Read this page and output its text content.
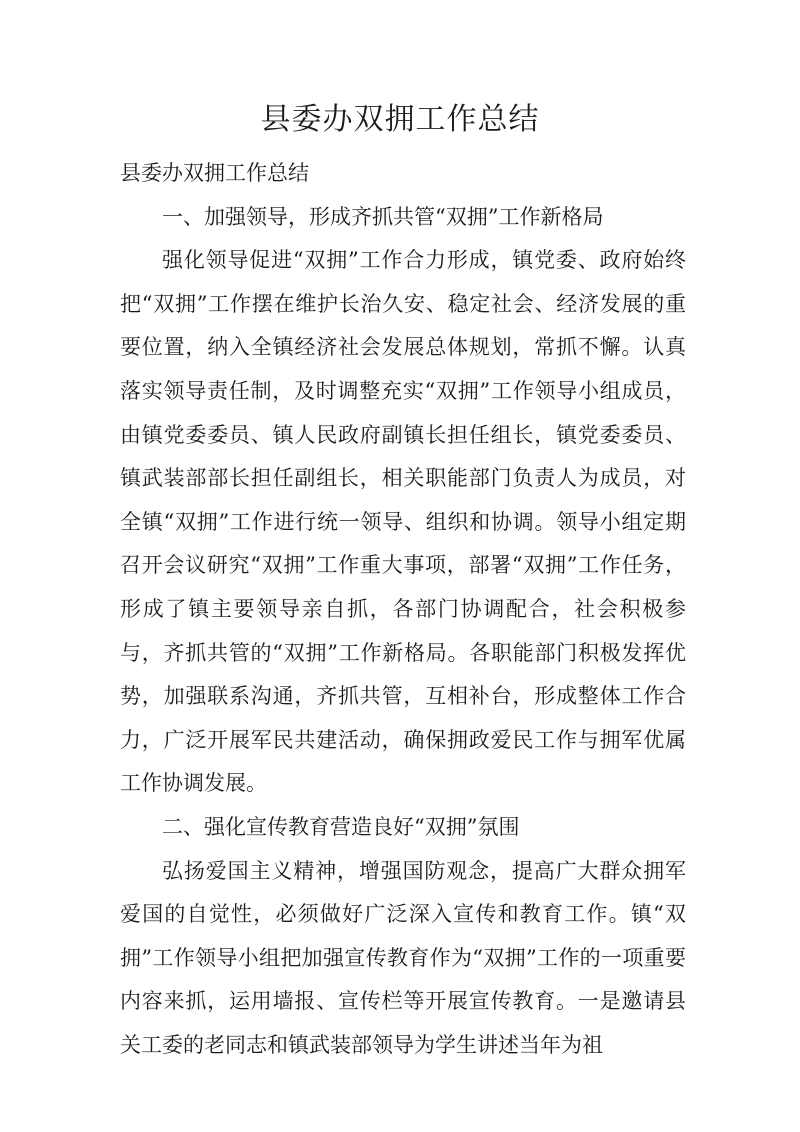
县委办双拥工作总结

县委办双拥工作总结

一、加强领导，形成齐抓共管“双拥”工作新格局

强化领导促进“双拥”工作合力形成，镇党委、政府始终把“双拥”工作摆在维护长治久安、稳定社会、经济发展的重要位置，纳入全镇经济社会发展总体规划，常抓不懈。认真落实领导责任制，及时调整充实“双拥”工作领导小组成员，由镇党委委员、镇人民政府副镇长担任组长，镇党委委员、镇武装部部长担任副组长，相关职能部门负责人为成员，对全镇“双拥”工作进行统一领导、组织和协调。领导小组定期召开会议研究“双拥”工作重大事项，部署“双拥”工作任务，形成了镇主要领导亲自抓，各部门协调配合，社会积极参与，齐抓共管的“双拥”工作新格局。各职能部门积极发挥优势，加强联系沟通，齐抓共管，互相补台，形成整体工作合力，广泛开展军民共建活动，确保拥政爱民工作与拥军优属工作协调发展。

二、强化宣传教育营造良好“双拥”氛围

弘扬爱国主义精神，增强国防观念，提高广大群众拥军爱国的自觉性，必须做好广泛深入宣传和教育工作。镇“双拥”工作领导小组把加强宣传教育作为“双拥”工作的一项重要内容来抓，运用墙报、宣传栏等开展宣传教育。一是邀请县关工委的老同志和镇武装部领导为学生讲述当年为祖
